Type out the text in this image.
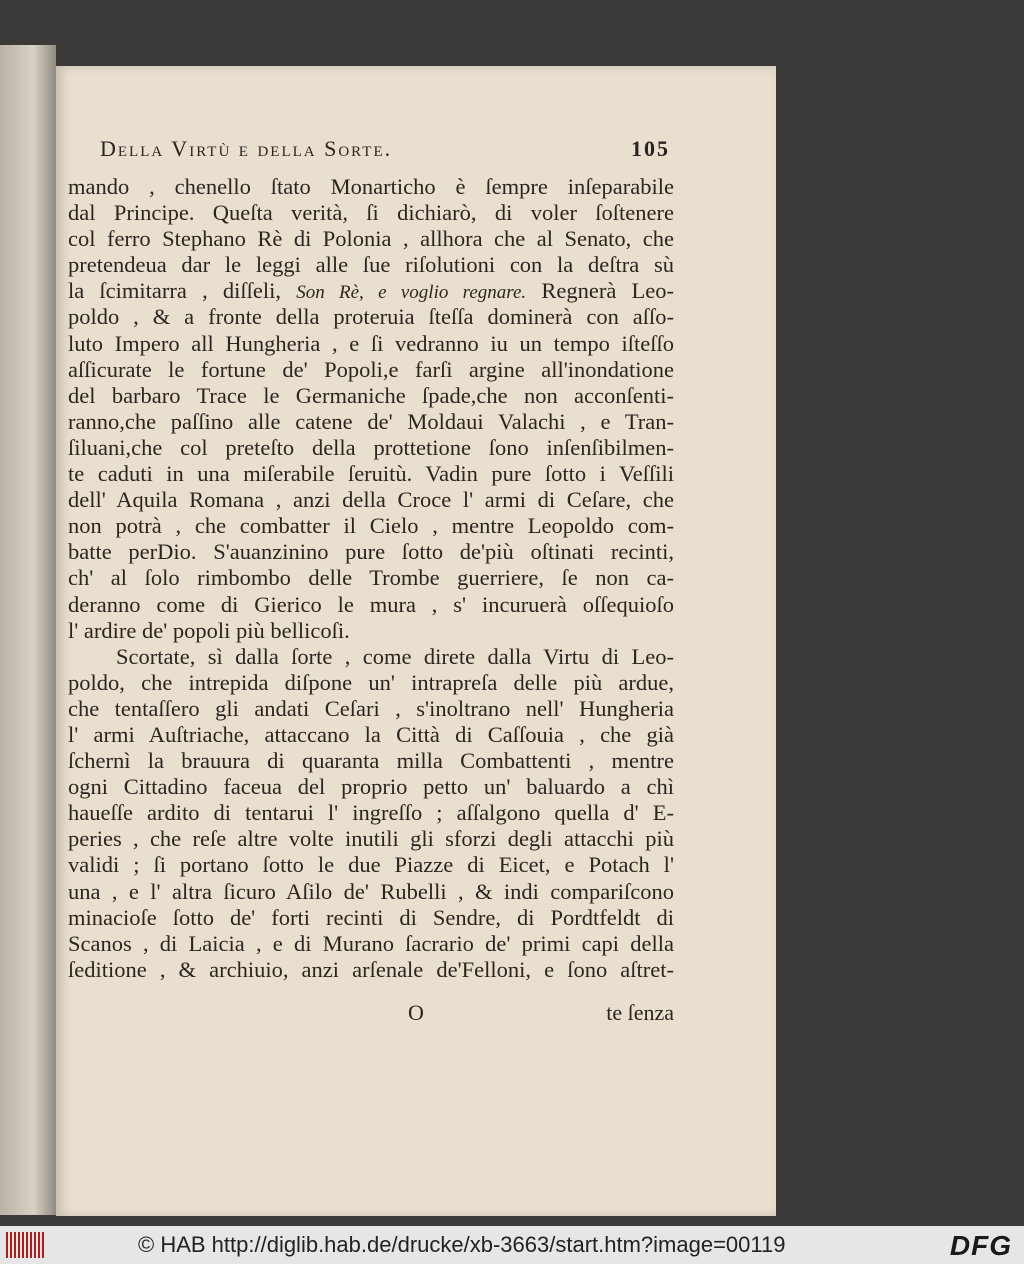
Della Virtù e della Sorte.	105
mando , chenello ſtato Monarticho è ſempre inſeparabile
dal Principe. Queſta verità, ſi dichiarò, di voler ſoſtenere
col ferro Stephano Rè di Polonia , allhora che al Senato, che
pretendeua dar le leggi alle ſue riſolutioni con la deſtra sù
la ſcimitarra , diſſeli, Son Rè, e voglio regnare. Regnerà Leo-
poldo , & a fronte della proteruia ſteſſa dominerà con aſſo-
luto Impero all Hungheria , e ſi vedranno iu un tempo iſteſſo
aſſicurate le fortune de' Popoli,e farſi argine all'inondatione
del barbaro Trace le Germaniche ſpade,che non acconſenti-
ranno,che paſſino alle catene de' Moldaui Valachi , e Tran-
ſiluani,che col preteſto della prottetione ſono inſenſibilmen-
te caduti in una miſerabile ſeruitù. Vadin pure ſotto i Veſſili
dell' Aquila Romana , anzi della Croce l' armi di Ceſare, che
non potrà , che combatter il Cielo , mentre Leopoldo com-
batte perDio. S'auanzinino pure ſotto de'più oſtinati recinti,
ch' al ſolo rimbombo delle Trombe guerriere, ſe non ca-
deranno come di Gierico le mura , s' incuruerà oſſequioſo
l' ardire de' popoli più bellicoſi.
Scortate, sì dalla ſorte , come direte dalla Virtu di Leo-
poldo, che intrepida diſpone un' intrapreſa delle più ardue,
che tentaſſero gli andati Ceſari , s'inoltrano nell' Hungheria
l' armi Auſtriache, attaccano la Città di Caſſouia , che già
ſchernì la brauura di quaranta milla Combattenti , mentre
ogni Cittadino faceua del proprio petto un' baluardo a chì
haueſſe ardito di tentarui l' ingreſſo ; aſſalgono quella d' E-
peries , che reſe altre volte inutili gli sforzi degli attacchi più
validi ; ſi portano ſotto le due Piazze di Eicet, e Potach l'
una , e l' altra ſicuro Aſilo de' Rubelli , & indi compariſcono
minacioſe ſotto de' forti recinti di Sendre, di Pordtfeldt di
Scanos , di Laicia , e di Murano ſacrario de' primi capi della
ſeditione , & archiuio, anzi arſenale de'Felloni, e ſono aſtret-
O	te ſenza
© HAB http://diglib.hab.de/drucke/xb-3663/start.htm?image=00119	DFG
